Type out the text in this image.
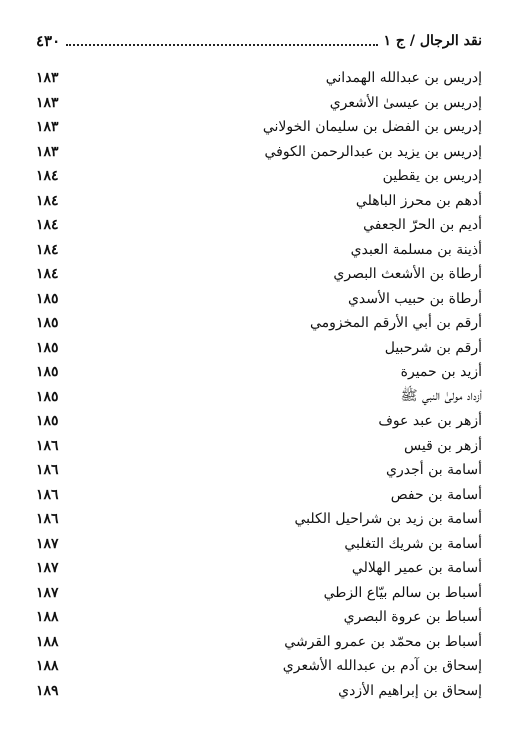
نقد الرجال / ج ١
٤٣٠
إدريس بن عبدالله الهمداني
١٨٣
إدريس بن عيسىٰ الأشعري
١٨٣
إدريس بن الفضل بن سليمان الخولاني
١٨٣
إدريس بن يزيد بن عبدالرحمن الكوفي
١٨٣
إدريس بن يقطين
١٨٤
أدهم بن محرز الباهلي
١٨٤
أديم بن الحرّ الجعفي
١٨٤
أذينة بن مسلمة العبدي
١٨٤
أرطاة بن الأشعث البصري
١٨٤
أرطاة بن حبيب الأسدي
١٨٥
أرقم بن أبي الأرقم المخزومي
١٨٥
أرقم بن شرحبيل
١٨٥
أزيد بن حميرة
١٨٥
أزداد مولىٰ النبي ﷺ
١٨٥
أزهر بن عبد عوف
١٨٥
أزهر بن قيس
١٨٦
أسامة بن أجدري
١٨٦
أسامة بن حفص
١٨٦
أسامة بن زيد بن شراحيل الكلبي
١٨٦
أسامة بن شريك التغلبي
١٨٧
أسامة بن عمير الهلالي
١٨٧
أسباط بن سالم بيّاع الزطي
١٨٧
أسباط بن عروة البصري
١٨٨
أسباط بن محمّد بن عمرو القرشي
١٨٨
إسحاق بن آدم بن عبدالله الأشعري
١٨٨
إسحاق بن إبراهيم الأزدي
١٨٩
